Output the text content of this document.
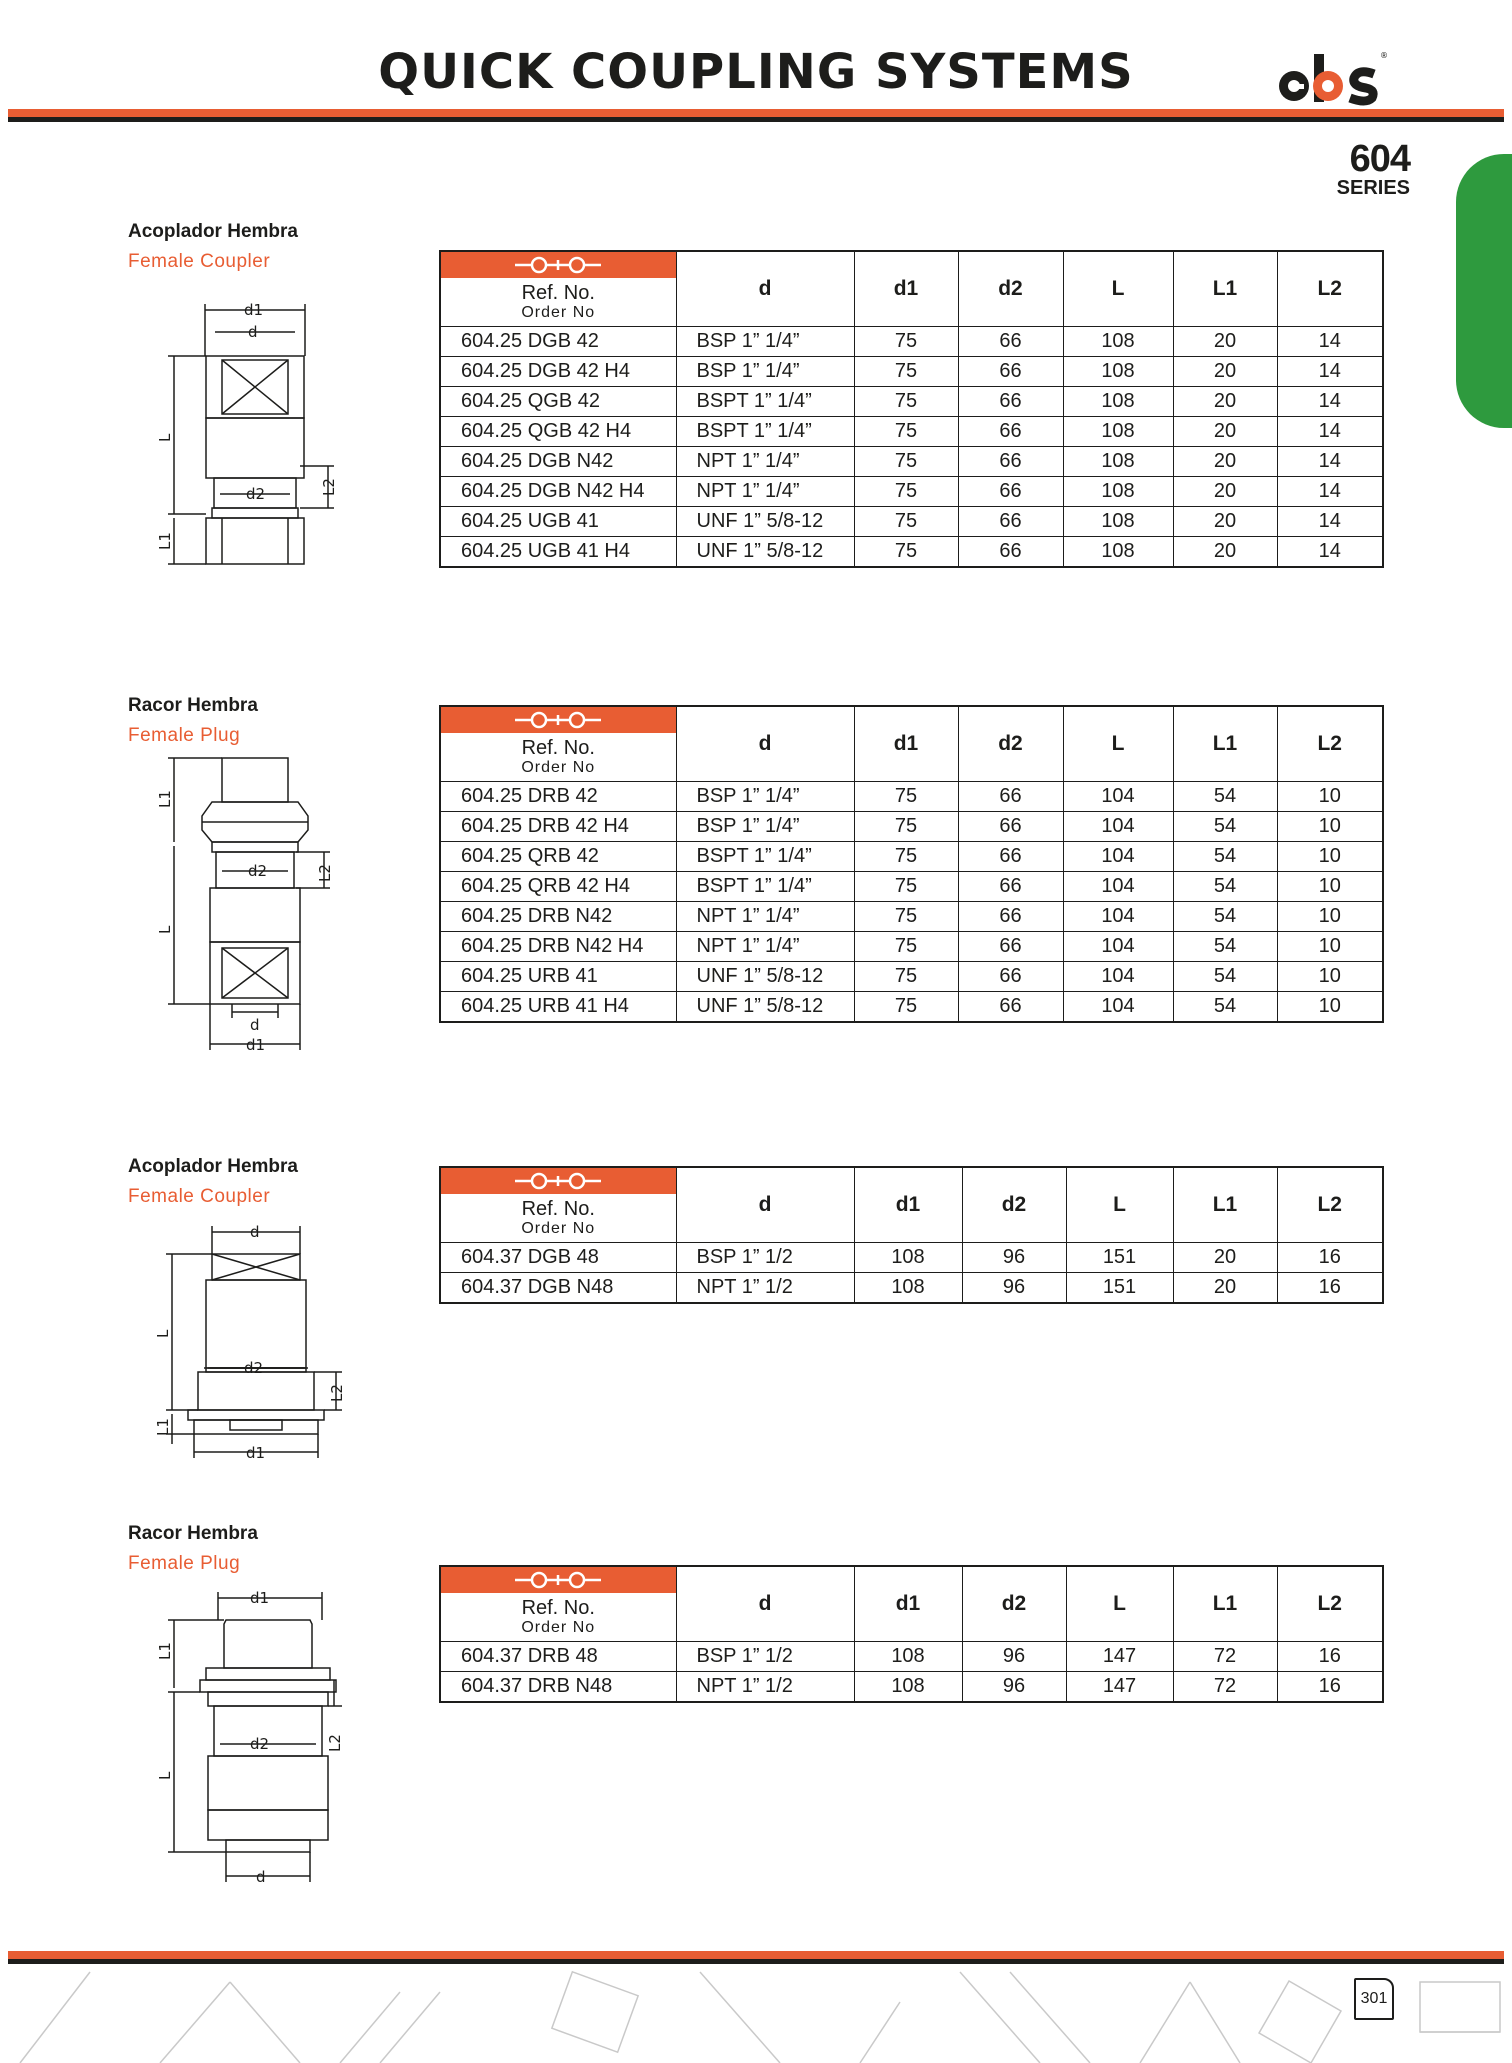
QUICK COUPLING SYSTEMS	®
604
SERIES
Acoplador Hembra
Female Coupler
d1
d
d2
L
L1
L2
Ref. No.
Order No	d	d1	d2	L	L1	L2
604.25 DGB 42	BSP 1” 1/4”	75	66	108	20	14
604.25 DGB 42 H4	BSP 1” 1/4”	75	66	108	20	14
604.25 QGB 42	BSPT 1” 1/4”	75	66	108	20	14
604.25 QGB 42 H4	BSPT 1” 1/4”	75	66	108	20	14
604.25 DGB N42	NPT 1” 1/4”	75	66	108	20	14
604.25 DGB N42 H4	NPT 1” 1/4”	75	66	108	20	14
604.25 UGB 41	UNF 1” 5/8-12	75	66	108	20	14
604.25 UGB 41 H4	UNF 1” 5/8-12	75	66	108	20	14
Racor Hembra
Female Plug
d2
L1
L
L2
d
d1
Ref. No.
Order No	d	d1	d2	L	L1	L2
604.25 DRB 42	BSP 1” 1/4”	75	66	104	54	10
604.25 DRB 42 H4	BSP 1” 1/4”	75	66	104	54	10
604.25 QRB 42	BSPT 1” 1/4”	75	66	104	54	10
604.25 QRB 42 H4	BSPT 1” 1/4”	75	66	104	54	10
604.25 DRB N42	NPT 1” 1/4”	75	66	104	54	10
604.25 DRB N42 H4	NPT 1” 1/4”	75	66	104	54	10
604.25 URB 41	UNF 1” 5/8-12	75	66	104	54	10
604.25 URB 41 H4	UNF 1” 5/8-12	75	66	104	54	10
Acoplador Hembra
Female Coupler
d
d2
L
L1
L2
d1
Ref. No.
Order No	d	d1	d2	L	L1	L2
604.37 DGB 48	BSP 1” 1/2	108	96	151	20	16
604.37 DGB N48	NPT 1” 1/2	108	96	151	20	16
Racor Hembra
Female Plug
d1
d2
L1
L
L2
d
Ref. No.
Order No	d	d1	d2	L	L1	L2
604.37 DRB 48	BSP 1” 1/2	108	96	147	72	16
604.37 DRB N48	NPT 1” 1/2	108	96	147	72	16
301
